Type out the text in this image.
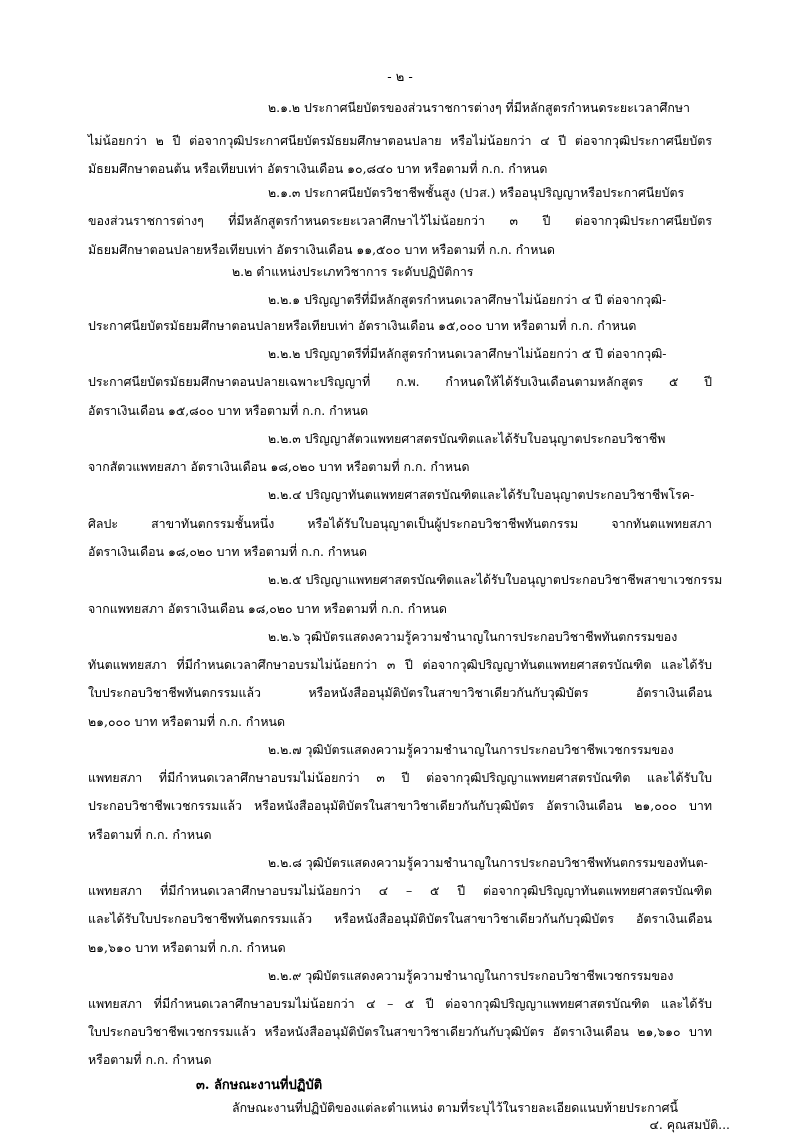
- ๒ -
๒.๑.๒ ประกาศนียบัตรของส่วนราชการต่างๆ ที่มีหลักสูตรกำหนดระยะเวลาศึกษา
ไม่น้อยกว่า ๒ ปี ต่อจากวุฒิประกาศนียบัตรมัธยมศึกษาตอนปลาย หรือไม่น้อยกว่า ๔ ปี ต่อจากวุฒิประกาศนียบัตร
มัธยมศึกษาตอนต้น หรือเทียบเท่า อัตราเงินเดือน ๑๐,๘๔๐ บาท หรือตามที่ ก.ก. กำหนด
๒.๑.๓ ประกาศนียบัตรวิชาชีพชั้นสูง (ปวส.) หรืออนุปริญญาหรือประกาศนียบัตร
ของส่วนราชการต่างๆ ที่มีหลักสูตรกำหนดระยะเวลาศึกษาไว้ไม่น้อยกว่า ๓ ปี ต่อจากวุฒิประกาศนียบัตร
มัธยมศึกษาตอนปลายหรือเทียบเท่า อัตราเงินเดือน ๑๑,๕๐๐ บาท หรือตามที่ ก.ก. กำหนด
๒.๒ ตำแหน่งประเภทวิชาการ ระดับปฏิบัติการ
๒.๒.๑ ปริญญาตรีที่มีหลักสูตรกำหนดเวลาศึกษาไม่น้อยกว่า ๔ ปี ต่อจากวุฒิ-
ประกาศนียบัตรมัธยมศึกษาตอนปลายหรือเทียบเท่า อัตราเงินเดือน ๑๕,๐๐๐ บาท หรือตามที่ ก.ก. กำหนด
๒.๒.๒ ปริญญาตรีที่มีหลักสูตรกำหนดเวลาศึกษาไม่น้อยกว่า ๕ ปี ต่อจากวุฒิ-
ประกาศนียบัตรมัธยมศึกษาตอนปลายเฉพาะปริญญาที่ ก.พ. กำหนดให้ได้รับเงินเดือนตามหลักสูตร ๕ ปี
อัตราเงินเดือน ๑๕,๘๐๐ บาท หรือตามที่ ก.ก. กำหนด
๒.๒.๓ ปริญญาสัตวแพทยศาสตรบัณฑิตและได้รับใบอนุญาตประกอบวิชาชีพ
จากสัตวแพทยสภา อัตราเงินเดือน ๑๘,๐๒๐ บาท หรือตามที่ ก.ก. กำหนด
๒.๒.๔ ปริญญาทันตแพทยศาสตรบัณฑิตและได้รับใบอนุญาตประกอบวิชาชีพโรค-
ศิลปะ สาขาทันตกรรมชั้นหนึ่ง หรือได้รับใบอนุญาตเป็นผู้ประกอบวิชาชีพทันตกรรม จากทันตแพทยสภา
อัตราเงินเดือน ๑๘,๐๒๐ บาท หรือตามที่ ก.ก. กำหนด
๒.๒.๕ ปริญญาแพทยศาสตรบัณฑิตและได้รับใบอนุญาตประกอบวิชาชีพสาขาเวชกรรม
จากแพทยสภา อัตราเงินเดือน ๑๘,๐๒๐ บาท หรือตามที่ ก.ก. กำหนด
๒.๒.๖ วุฒิบัตรแสดงความรู้ความชำนาญในการประกอบวิชาชีพทันตกรรมของ
ทันตแพทยสภา ที่มีกำหนดเวลาศึกษาอบรมไม่น้อยกว่า ๓ ปี ต่อจากวุฒิปริญญาทันตแพทยศาสตรบัณฑิต และได้รับ
ใบประกอบวิชาชีพทันตกรรมแล้ว หรือหนังสืออนุมัติบัตรในสาขาวิชาเดียวกันกับวุฒิบัตร อัตราเงินเดือน
๒๑,๐๐๐ บาท หรือตามที่ ก.ก. กำหนด
๒.๒.๗ วุฒิบัตรแสดงความรู้ความชำนาญในการประกอบวิชาชีพเวชกรรมของ
แพทยสภา ที่มีกำหนดเวลาศึกษาอบรมไม่น้อยกว่า ๓ ปี ต่อจากวุฒิปริญญาแพทยศาสตรบัณฑิต และได้รับใบ
ประกอบวิชาชีพเวชกรรมแล้ว หรือหนังสืออนุมัติบัตรในสาขาวิชาเดียวกันกับวุฒิบัตร อัตราเงินเดือน ๒๑,๐๐๐ บาท
หรือตามที่ ก.ก. กำหนด
๒.๒.๘ วุฒิบัตรแสดงความรู้ความชำนาญในการประกอบวิชาชีพทันตกรรมของทันต-
แพทยสภา ที่มีกำหนดเวลาศึกษาอบรมไม่น้อยกว่า ๔ – ๕ ปี ต่อจากวุฒิปริญญาทันตแพทยศาสตรบัณฑิต
และได้รับใบประกอบวิชาชีพทันตกรรมแล้ว หรือหนังสืออนุมัติบัตรในสาขาวิชาเดียวกันกับวุฒิบัตร อัตราเงินเดือน
๒๑,๖๑๐ บาท หรือตามที่ ก.ก. กำหนด
๒.๒.๙ วุฒิบัตรแสดงความรู้ความชำนาญในการประกอบวิชาชีพเวชกรรมของ
แพทยสภา ที่มีกำหนดเวลาศึกษาอบรมไม่น้อยกว่า ๔ – ๕ ปี ต่อจากวุฒิปริญญาแพทยศาสตรบัณฑิต และได้รับ
ใบประกอบวิชาชีพเวชกรรมแล้ว หรือหนังสืออนุมัติบัตรในสาขาวิชาเดียวกันกับวุฒิบัตร อัตราเงินเดือน ๒๑,๖๑๐ บาท
หรือตามที่ ก.ก. กำหนด
๓. ลักษณะงานที่ปฏิบัติ
ลักษณะงานที่ปฏิบัติของแต่ละตำแหน่ง ตามที่ระบุไว้ในรายละเอียดแนบท้ายประกาศนี้
๔. คุณสมบัติ...
